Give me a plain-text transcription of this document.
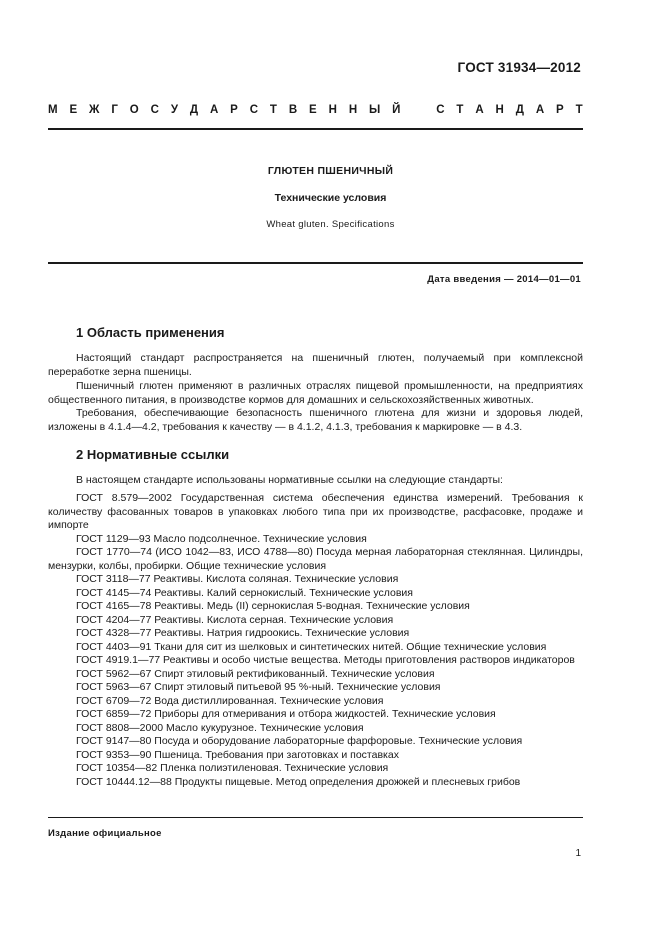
ГОСТ 31934—2012
М Е Ж Г О С У Д А Р С Т В Е Н Н Ы Й	С Т А Н Д А Р Т
ГЛЮТЕН ПШЕНИЧНЫЙ
Технические условия
Wheat gluten. Specifications
Дата введения — 2014—01—01
1 Область применения

Настоящий стандарт распространяется на пшеничный глютен, получаемый при комплексной переработке зерна пшеницы.

Пшеничный глютен применяют в различных отраслях пищевой промышленности, на предприятиях общественного питания, в производстве кормов для домашних и сельскохозяйственных животных.

Требования, обеспечивающие безопасность пшеничного глютена для жизни и здоровья людей, изложены в 4.1.4—4.2, требования к качеству — в 4.1.2, 4.1.3, требования к маркировке — в 4.3.

2 Нормативные ссылки

В настоящем стандарте использованы нормативные ссылки на следующие стандарты:

ГОСТ 8.579—2002 Государственная система обеспечения единства измерений. Требования к количеству фасованных товаров в упаковках любого типа при их производстве, расфасовке, продаже и импорте

ГОСТ 1129—93 Масло подсолнечное. Технические условия

ГОСТ 1770—74 (ИСО 1042—83, ИСО 4788—80) Посуда мерная лабораторная стеклянная. Цилиндры, мензурки, колбы, пробирки. Общие технические условия

ГОСТ 3118—77 Реактивы. Кислота соляная. Технические условия

ГОСТ 4145—74 Реактивы. Калий сернокислый. Технические условия

ГОСТ 4165—78 Реактивы. Медь (II) сернокислая 5-водная. Технические условия

ГОСТ 4204—77 Реактивы. Кислота серная. Технические условия

ГОСТ 4328—77 Реактивы. Натрия гидроокись. Технические условия

ГОСТ 4403—91 Ткани для сит из шелковых и синтетических нитей. Общие технические условия

ГОСТ 4919.1—77 Реактивы и особо чистые вещества. Методы приготовления растворов индикаторов

ГОСТ 5962—67 Спирт этиловый ректификованный. Технические условия

ГОСТ 5963—67 Спирт этиловый питьевой 95 %-ный. Технические условия

ГОСТ 6709—72 Вода дистиллированная. Технические условия

ГОСТ 6859—72 Приборы для отмеривания и отбора жидкостей. Технические условия

ГОСТ 8808—2000 Масло кукурузное. Технические условия

ГОСТ 9147—80 Посуда и оборудование лабораторные фарфоровые. Технические условия

ГОСТ 9353—90 Пшеница. Требования при заготовках и поставках

ГОСТ 10354—82 Пленка полиэтиленовая. Технические условия

ГОСТ 10444.12—88 Продукты пищевые. Метод определения дрожжей и плесневых грибов

Издание официальное
1
